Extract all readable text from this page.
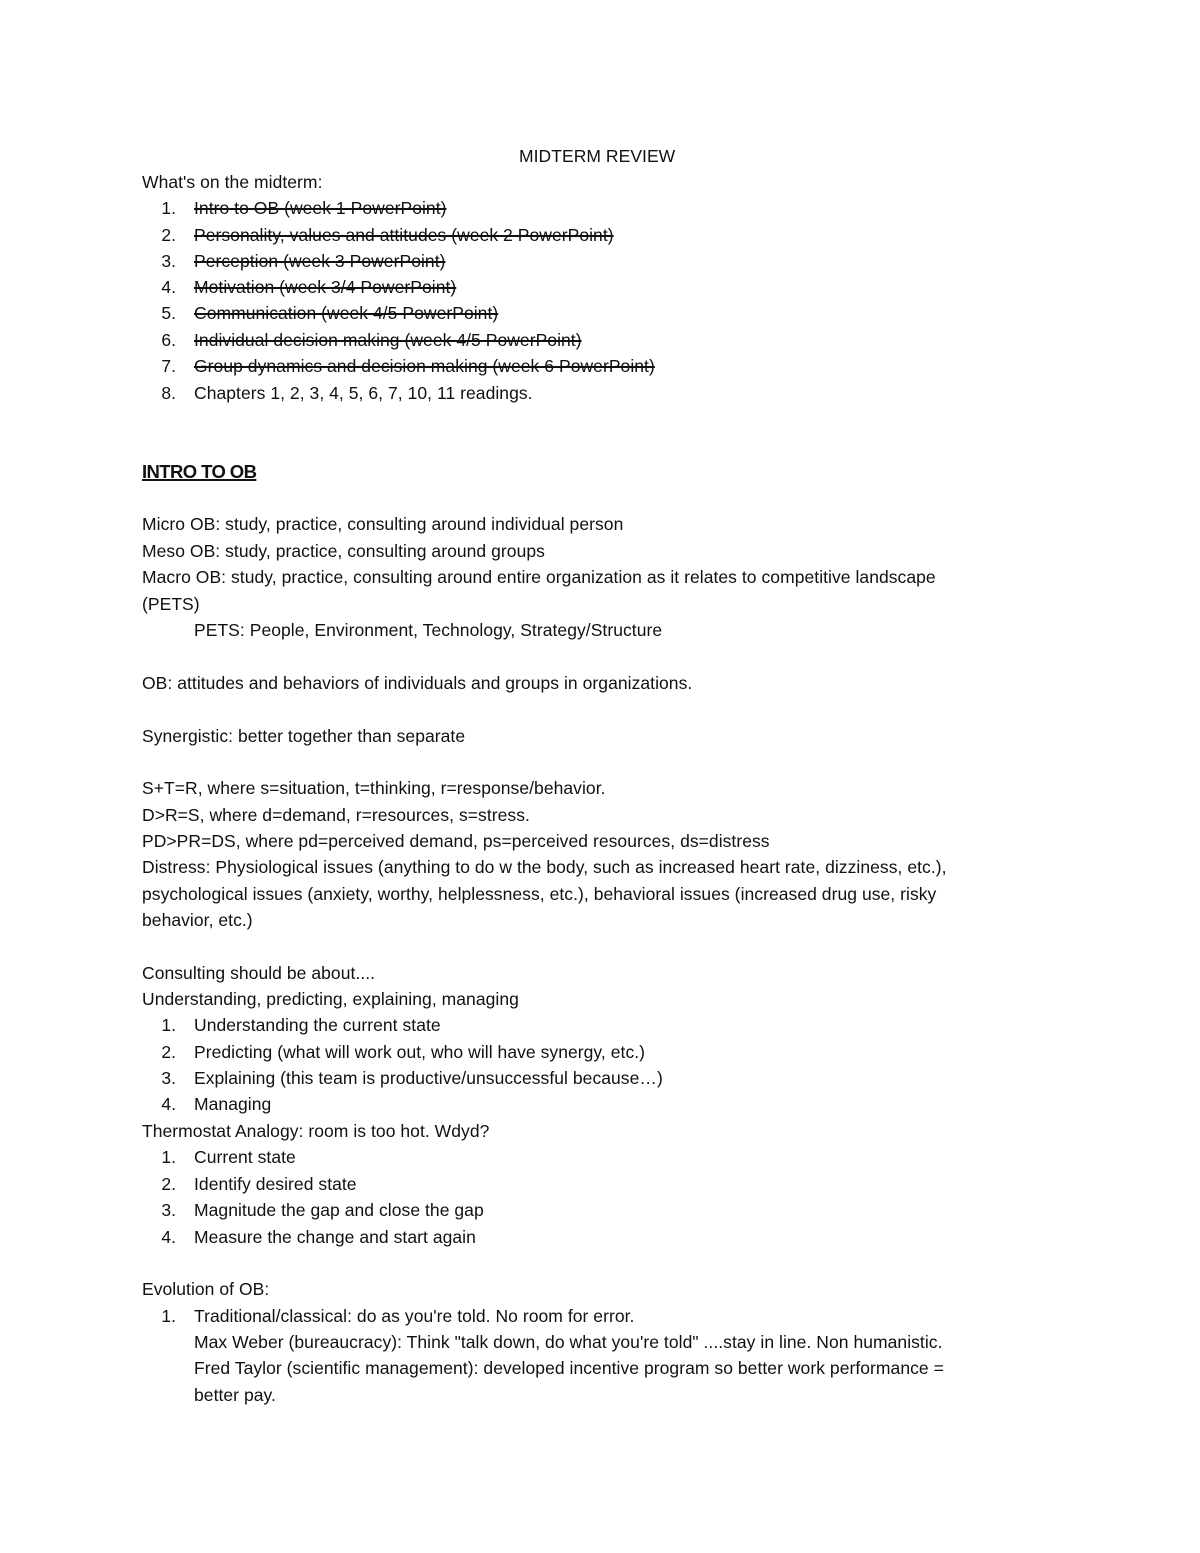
MIDTERM REVIEW
What's on the midterm:
1. Intro to OB (week 1 PowerPoint)
2. Personality, values and attitudes (week 2 PowerPoint)
3. Perception (week 3 PowerPoint)
4. Motivation (week 3/4 PowerPoint)
5. Communication (week 4/5 PowerPoint)
6. Individual decision making (week 4/5 PowerPoint)
7. Group dynamics and decision making (week 6 PowerPoint)
8. Chapters 1, 2, 3, 4, 5, 6, 7, 10, 11 readings.
INTRO TO OB
Micro OB: study, practice, consulting around individual person
Meso OB: study, practice, consulting around groups
Macro OB: study, practice, consulting around entire organization as it relates to competitive landscape
(PETS)
PETS: People, Environment, Technology, Strategy/Structure
OB: attitudes and behaviors of individuals and groups in organizations.
Synergistic: better together than separate
S+T=R, where s=situation, t=thinking, r=response/behavior.
D>R=S, where d=demand, r=resources, s=stress.
PD>PR=DS, where pd=perceived demand, ps=perceived resources, ds=distress
Distress: Physiological issues (anything to do w the body, such as increased heart rate, dizziness, etc.),
psychological issues (anxiety, worthy, helplessness, etc.), behavioral issues (increased drug use, risky
behavior, etc.)
Consulting should be about....
Understanding, predicting, explaining, managing
1. Understanding the current state
2. Predicting (what will work out, who will have synergy, etc.)
3. Explaining (this team is productive/unsuccessful because…)
4. Managing
Thermostat Analogy: room is too hot. Wdyd?
1. Current state
2. Identify desired state
3. Magnitude the gap and close the gap
4. Measure the change and start again
Evolution of OB:
1. Traditional/classical: do as you're told. No room for error.
Max Weber (bureaucracy): Think "talk down, do what you're told" ....stay in line. Non humanistic.
Fred Taylor (scientific management): developed incentive program so better work performance =
better pay.
